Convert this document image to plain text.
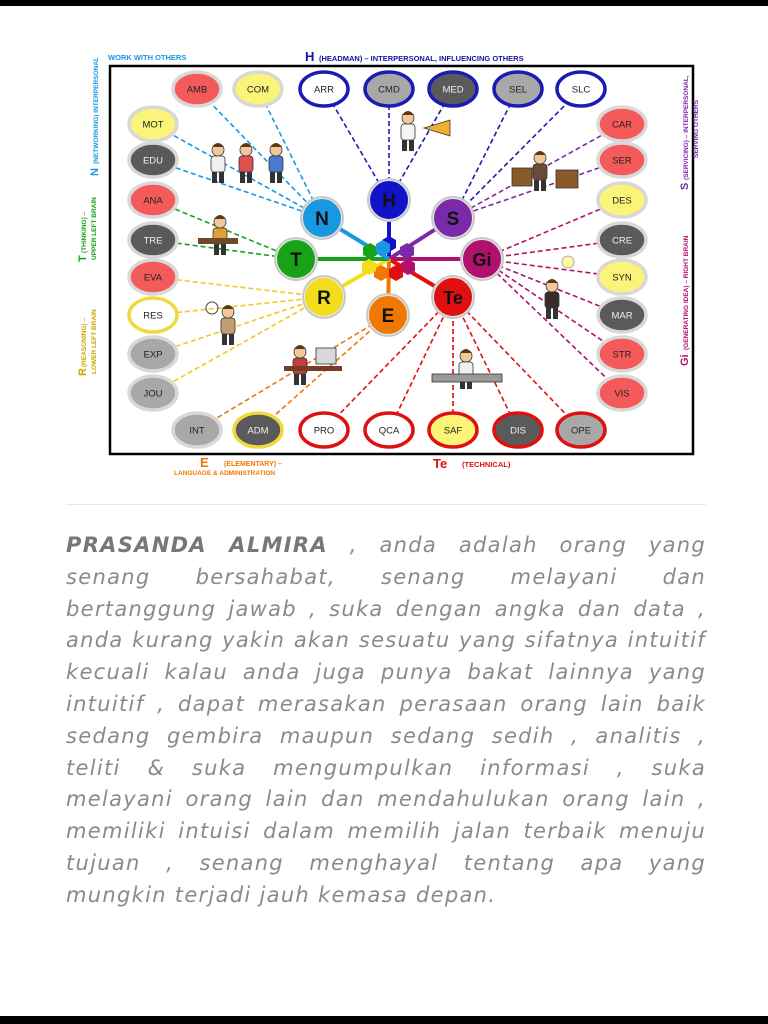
H
S
Gi
Te
E
R
T
N
AMB	COM	ARR	CMD	MED	SEL	SLC
MOT
EDU
ANA
TRE
EVA
RES
EXP
JOU
CAR
SER
DES
CRE
SYN
MAR
STR
VIS
INT	ADM	PRO	QCA	SAF	DIS	OPE
WORK WITH OTHERS	H (HEADMAN) – INTERPERSONAL, INFLUENCING OTHERS
N
(NETWORKING) INTERPERSONAL
T
(THINKING) – UPPER LEFT BRAIN
R
(REASONING) – LOWER LEFT BRAIN
S
(SERVICING) – INTERPERSONAL, SERVING OTHERS
Gi
(GENERATING IDEA) – RIGHT BRAIN
E (ELEMENTARY) –
LANGUAGE & ADMINISTRATION
Te (TECHNICAL)

PRASANDA ALMIRA , anda adalah orang yang senang bersahabat, senang melayani dan bertanggung jawab , suka dengan angka dan data , anda kurang yakin akan sesuatu yang sifatnya intuitif kecuali kalau anda juga punya bakat lainnya yang intuitif , dapat merasakan perasaan orang lain baik sedang gembira maupun sedang sedih , analitis , teliti & suka mengumpulkan informasi , suka melayani orang lain dan mendahulukan orang lain , memiliki intuisi dalam memilih jalan terbaik menuju tujuan , senang menghayal tentang apa yang mungkin terjadi jauh kemasa depan.
